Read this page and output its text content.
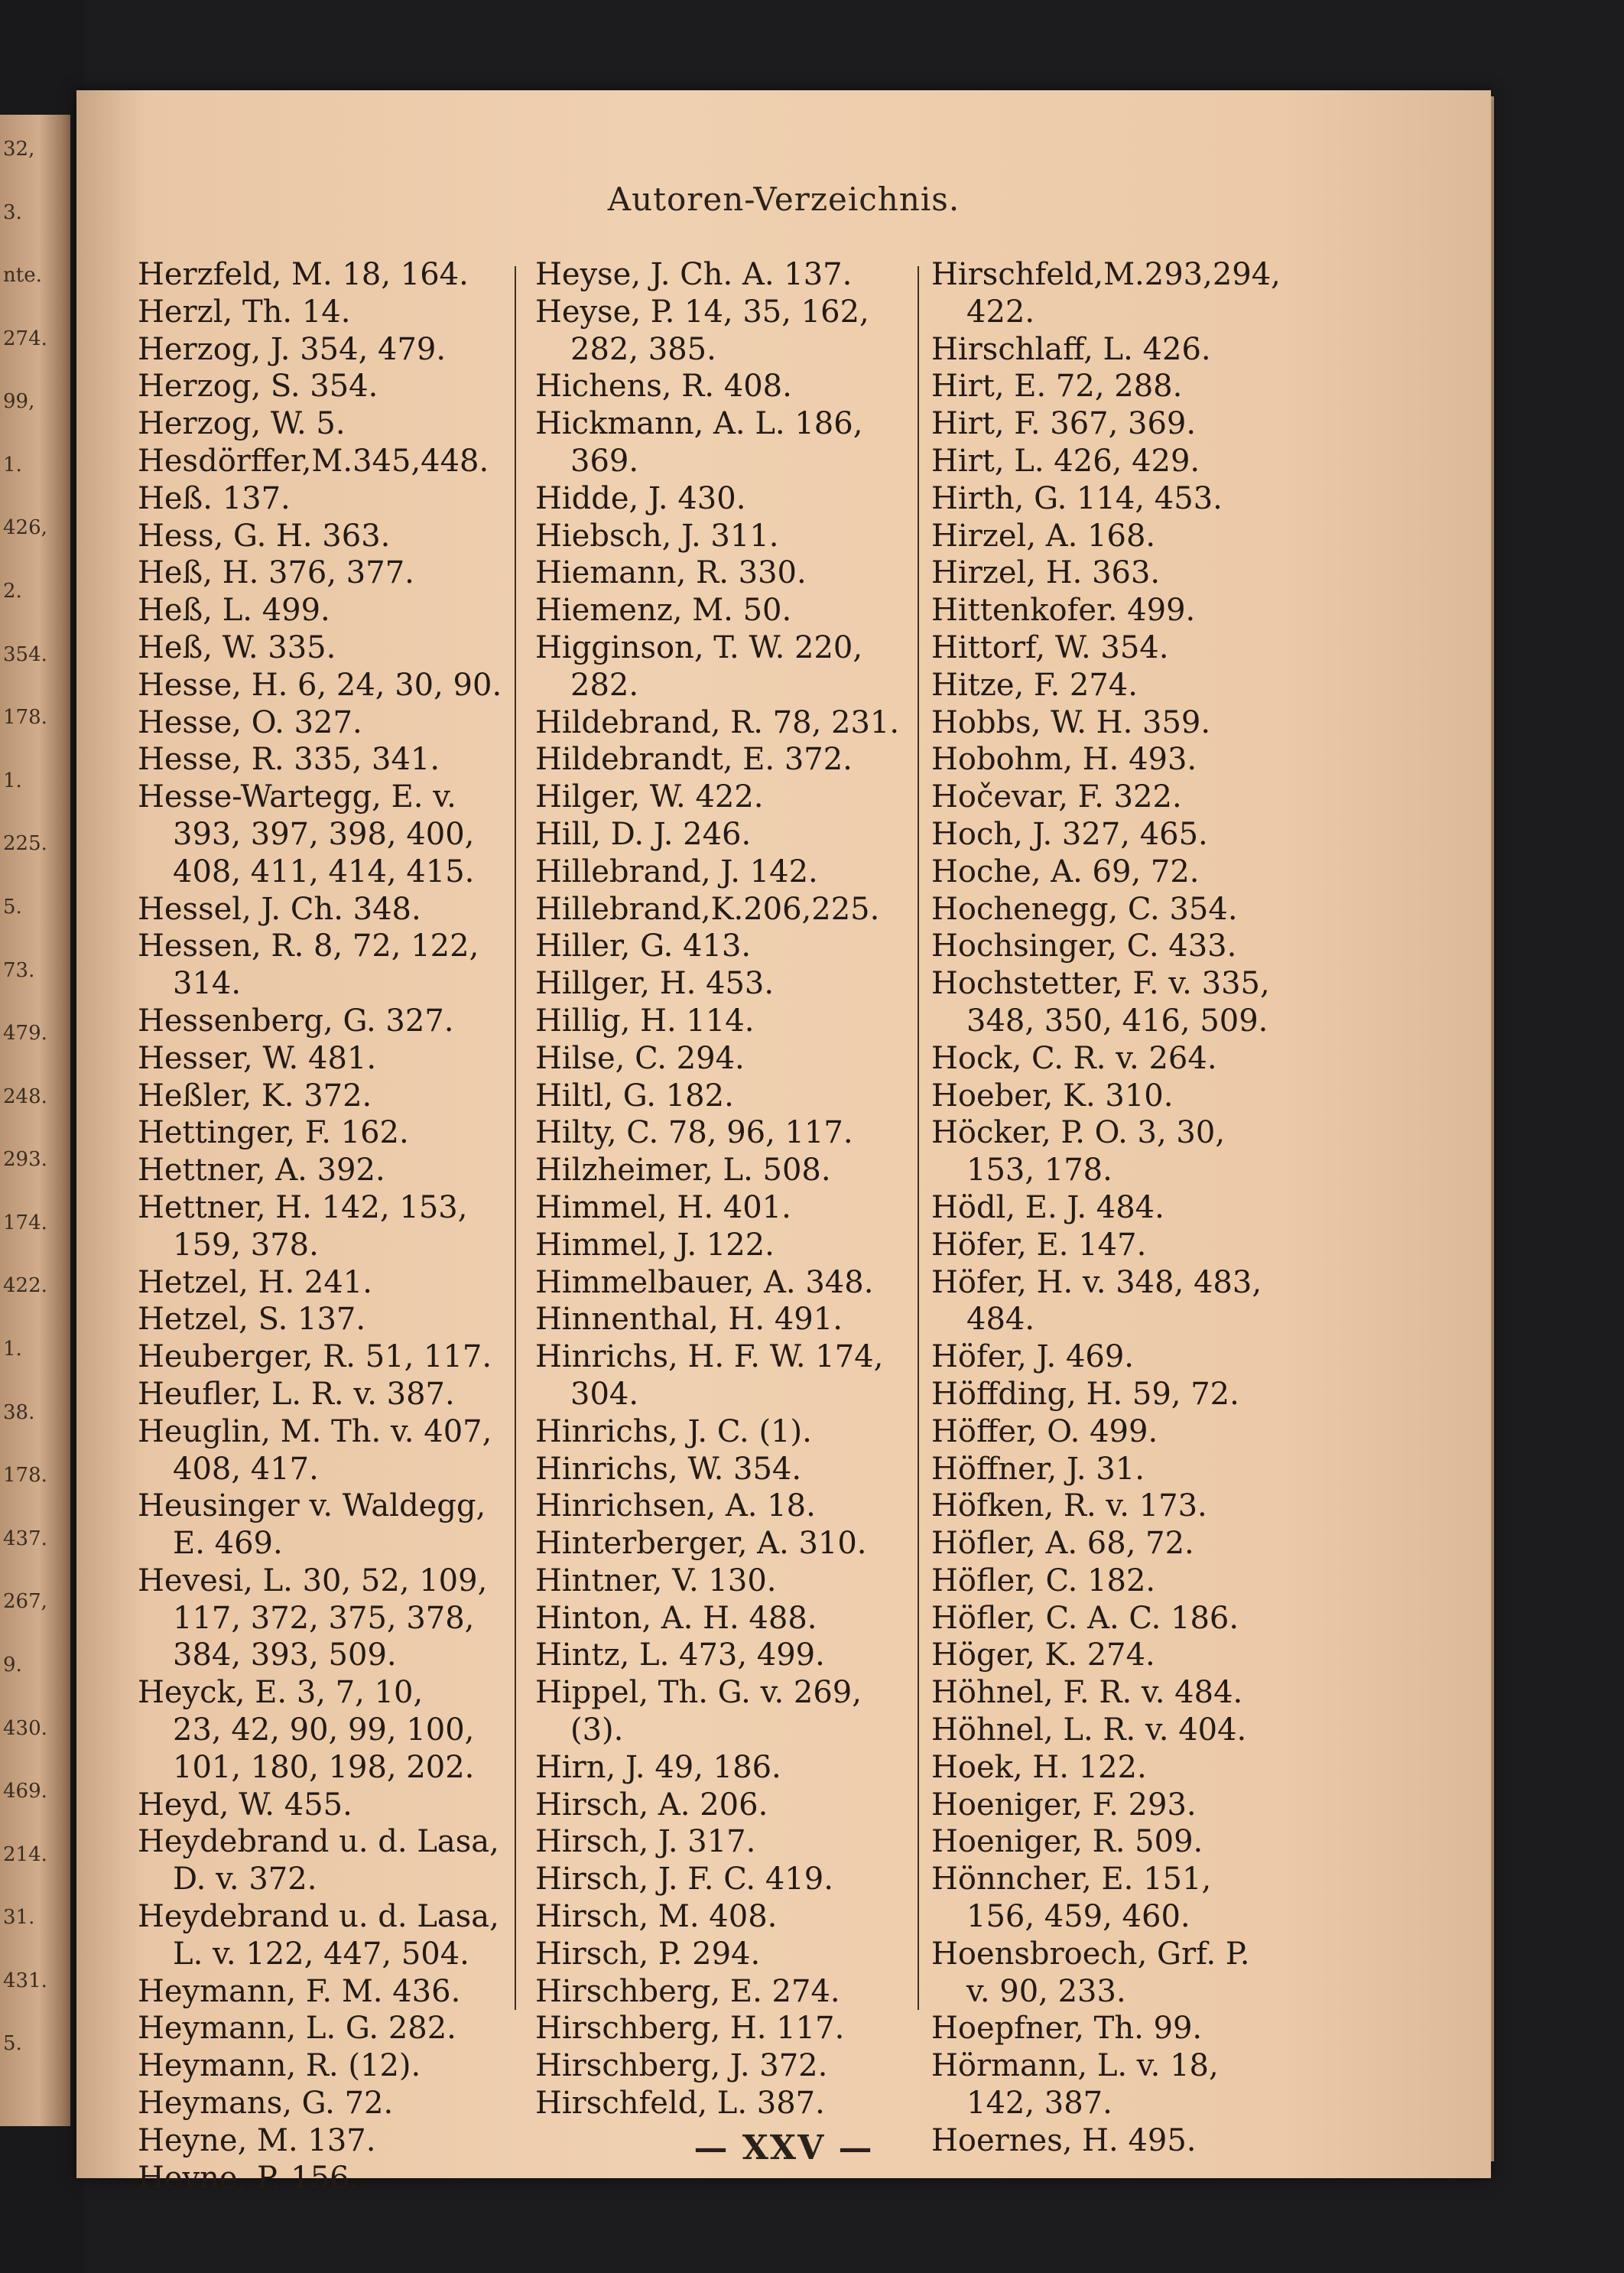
32,
3.
nte.
274.
99,
1.
426,
2.
354.
178.
1.
225.
5.
73.
479.
248.
293.
174.
422.
1.
38.
178.
437.
267,
9.
430.
469.
214.
31.
431.
5.
Autoren-Verzeichnis.
Herzfeld, M. 18, 164.
Herzl, Th. 14.
Herzog, J. 354, 479.
Herzog, S. 354.
Herzog, W. 5.
Hesdörffer,M.345,448.
Heß. 137.
Hess, G. H. 363.
Heß, H. 376, 377.
Heß, L. 499.
Heß, W. 335.
Hesse, H. 6, 24, 30, 90.
Hesse, O. 327.
Hesse, R. 335, 341.
Hesse-Wartegg, E. v.
393, 397, 398, 400,
408, 411, 414, 415.
Hessel, J. Ch. 348.
Hessen, R. 8, 72, 122,
314.
Hessenberg, G. 327.
Hesser, W. 481.
Heßler, K. 372.
Hettinger, F. 162.
Hettner, A. 392.
Hettner, H. 142, 153,
159, 378.
Hetzel, H. 241.
Hetzel, S. 137.
Heuberger, R. 51, 117.
Heufler, L. R. v. 387.
Heuglin, M. Th. v. 407,
408, 417.
Heusinger v. Waldegg,
E. 469.
Hevesi, L. 30, 52, 109,
117, 372, 375, 378,
384, 393, 509.
Heyck, E. 3, 7, 10,
23, 42, 90, 99, 100,
101, 180, 198, 202.
Heyd, W. 455.
Heydebrand u. d. Lasa,
D. v. 372.
Heydebrand u. d. Lasa,
L. v. 122, 447, 504.
Heymann, F. M. 436.
Heymann, L. G. 282.
Heymann, R. (12).
Heymans, G. 72.
Heyne, M. 137.
Heyne, P. 156.
Heyse, J. Ch. A. 137.
Heyse, P. 14, 35, 162,
282, 385.
Hichens, R. 408.
Hickmann, A. L. 186,
369.
Hidde, J. 430.
Hiebsch, J. 311.
Hiemann, R. 330.
Hiemenz, M. 50.
Higginson, T. W. 220,
282.
Hildebrand, R. 78, 231.
Hildebrandt, E. 372.
Hilger, W. 422.
Hill, D. J. 246.
Hillebrand, J. 142.
Hillebrand,K.206,225.
Hiller, G. 413.
Hillger, H. 453.
Hillig, H. 114.
Hilse, C. 294.
Hiltl, G. 182.
Hilty, C. 78, 96, 117.
Hilzheimer, L. 508.
Himmel, H. 401.
Himmel, J. 122.
Himmelbauer, A. 348.
Hinnenthal, H. 491.
Hinrichs, H. F. W. 174,
304.
Hinrichs, J. C. (1).
Hinrichs, W. 354.
Hinrichsen, A. 18.
Hinterberger, A. 310.
Hintner, V. 130.
Hinton, A. H. 488.
Hintz, L. 473, 499.
Hippel, Th. G. v. 269,
(3).
Hirn, J. 49, 186.
Hirsch, A. 206.
Hirsch, J. 317.
Hirsch, J. F. C. 419.
Hirsch, M. 408.
Hirsch, P. 294.
Hirschberg, E. 274.
Hirschberg, H. 117.
Hirschberg, J. 372.
Hirschfeld, L. 387.
Hirschfeld,M.293,294,
422.
Hirschlaff, L. 426.
Hirt, E. 72, 288.
Hirt, F. 367, 369.
Hirt, L. 426, 429.
Hirth, G. 114, 453.
Hirzel, A. 168.
Hirzel, H. 363.
Hittenkofer. 499.
Hittorf, W. 354.
Hitze, F. 274.
Hobbs, W. H. 359.
Hobohm, H. 493.
Hočevar, F. 322.
Hoch, J. 327, 465.
Hoche, A. 69, 72.
Hochenegg, C. 354.
Hochsinger, C. 433.
Hochstetter, F. v. 335,
348, 350, 416, 509.
Hock, C. R. v. 264.
Hoeber, K. 310.
Höcker, P. O. 3, 30,
153, 178.
Hödl, E. J. 484.
Höfer, E. 147.
Höfer, H. v. 348, 483,
484.
Höfer, J. 469.
Höffding, H. 59, 72.
Höffer, O. 499.
Höffner, J. 31.
Höfken, R. v. 173.
Höfler, A. 68, 72.
Höfler, C. 182.
Höfler, C. A. C. 186.
Höger, K. 274.
Höhnel, F. R. v. 484.
Höhnel, L. R. v. 404.
Hoek, H. 122.
Hoeniger, F. 293.
Hoeniger, R. 509.
Hönncher, E. 151,
156, 459, 460.
Hoensbroech, Grf. P.
v. 90, 233.
Hoepfner, Th. 99.
Hörmann, L. v. 18,
142, 387.
Hoernes, H. 495.
— XXV —
